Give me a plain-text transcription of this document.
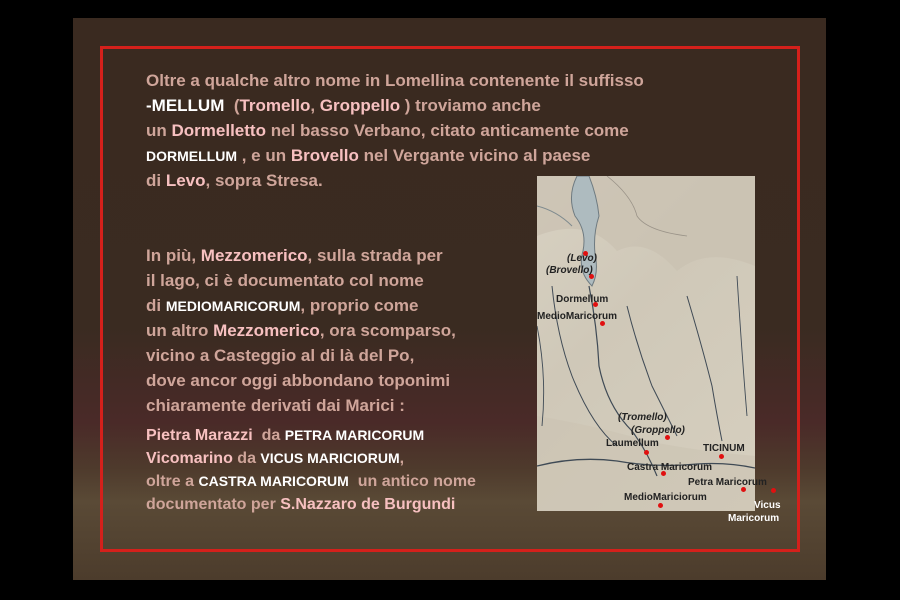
Oltre a qualche altro nome in Lomellina contenente il suffisso
-MELLUM  (Tromello, Groppello ) troviamo anche
un Dormelletto nel basso Verbano, citato anticamente come
DORMELLUM , e un Brovello nel Vergante vicino al paese
di Levo, sopra Stresa.
In più, Mezzomerico, sulla strada per
il lago, ci è documentato col nome
di MEDIOMARICORUM, proprio come
un altro Mezzomerico, ora scomparso,
vicino a Casteggio al di là del Po,
dove ancor oggi abbondano toponimi
chiaramente derivati dai Marici :
Pietra Marazzi  da PETRA MARICORUM
Vicomarino da VICUS MARICIORUM,
oltre a CASTRA MARICORUM  un antico nome
documentato per S.Nazzaro de Burgundi
(Levo)
(Brovello)
Dormellum
MedioMaricorum
(Tromello)
(Groppello)
Laumellum	TICINUM
Castra Maricorum
Petra Maricorum
MedioMariciorum
Vicus
Maricorum
